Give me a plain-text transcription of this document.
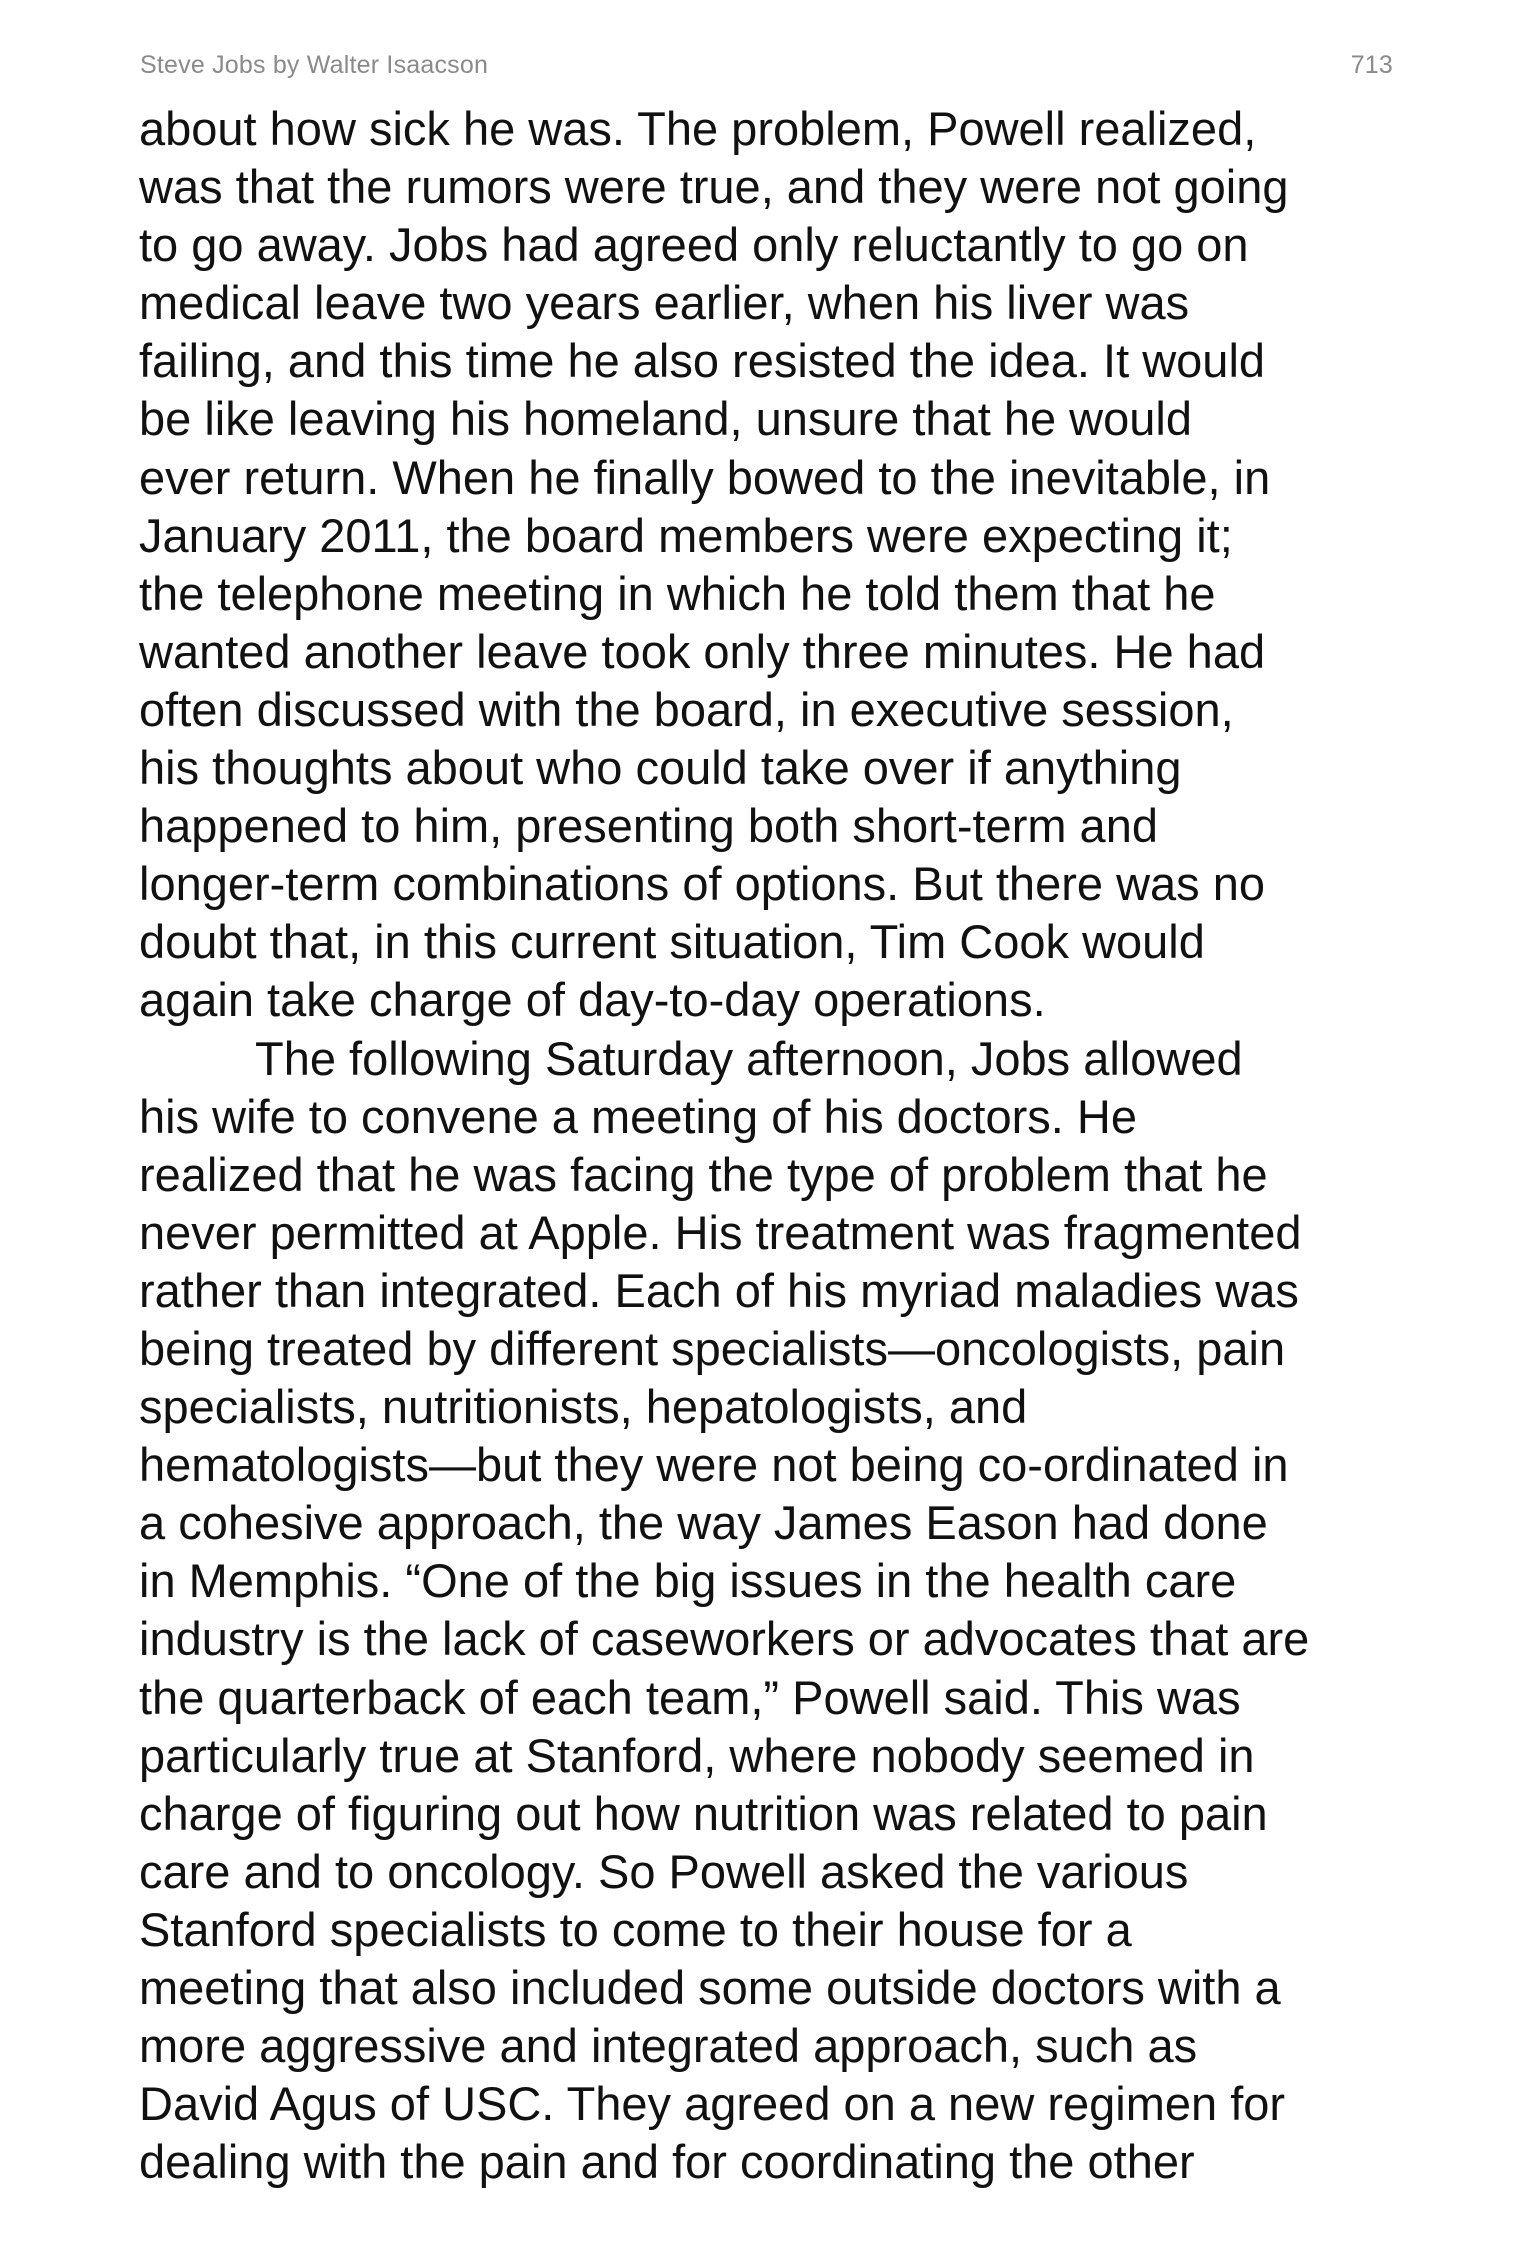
Steve Jobs by Walter Isaacson	713
about how sick he was. The problem, Powell realized,
was that the rumors were true, and they were not going
to go away. Jobs had agreed only reluctantly to go on
medical leave two years earlier, when his liver was
failing, and this time he also resisted the idea. It would
be like leaving his homeland, unsure that he would
ever return. When he finally bowed to the inevitable, in
January 2011, the board members were expecting it;
the telephone meeting in which he told them that he
wanted another leave took only three minutes. He had
often discussed with the board, in executive session,
his thoughts about who could take over if anything
happened to him, presenting both short-term and
longer-term combinations of options. But there was no
doubt that, in this current situation, Tim Cook would
again take charge of day-to-day operations.
The following Saturday afternoon, Jobs allowed
his wife to convene a meeting of his doctors. He
realized that he was facing the type of problem that he
never permitted at Apple. His treatment was fragmented
rather than integrated. Each of his myriad maladies was
being treated by different specialists—oncologists, pain
specialists, nutritionists, hepatologists, and
hematologists—but they were not being co-ordinated in
a cohesive approach, the way James Eason had done
in Memphis. “One of the big issues in the health care
industry is the lack of caseworkers or advocates that are
the quarterback of each team,” Powell said. This was
particularly true at Stanford, where nobody seemed in
charge of figuring out how nutrition was related to pain
care and to oncology. So Powell asked the various
Stanford specialists to come to their house for a
meeting that also included some outside doctors with a
more aggressive and integrated approach, such as
David Agus of USC. They agreed on a new regimen for
dealing with the pain and for coordinating the other
